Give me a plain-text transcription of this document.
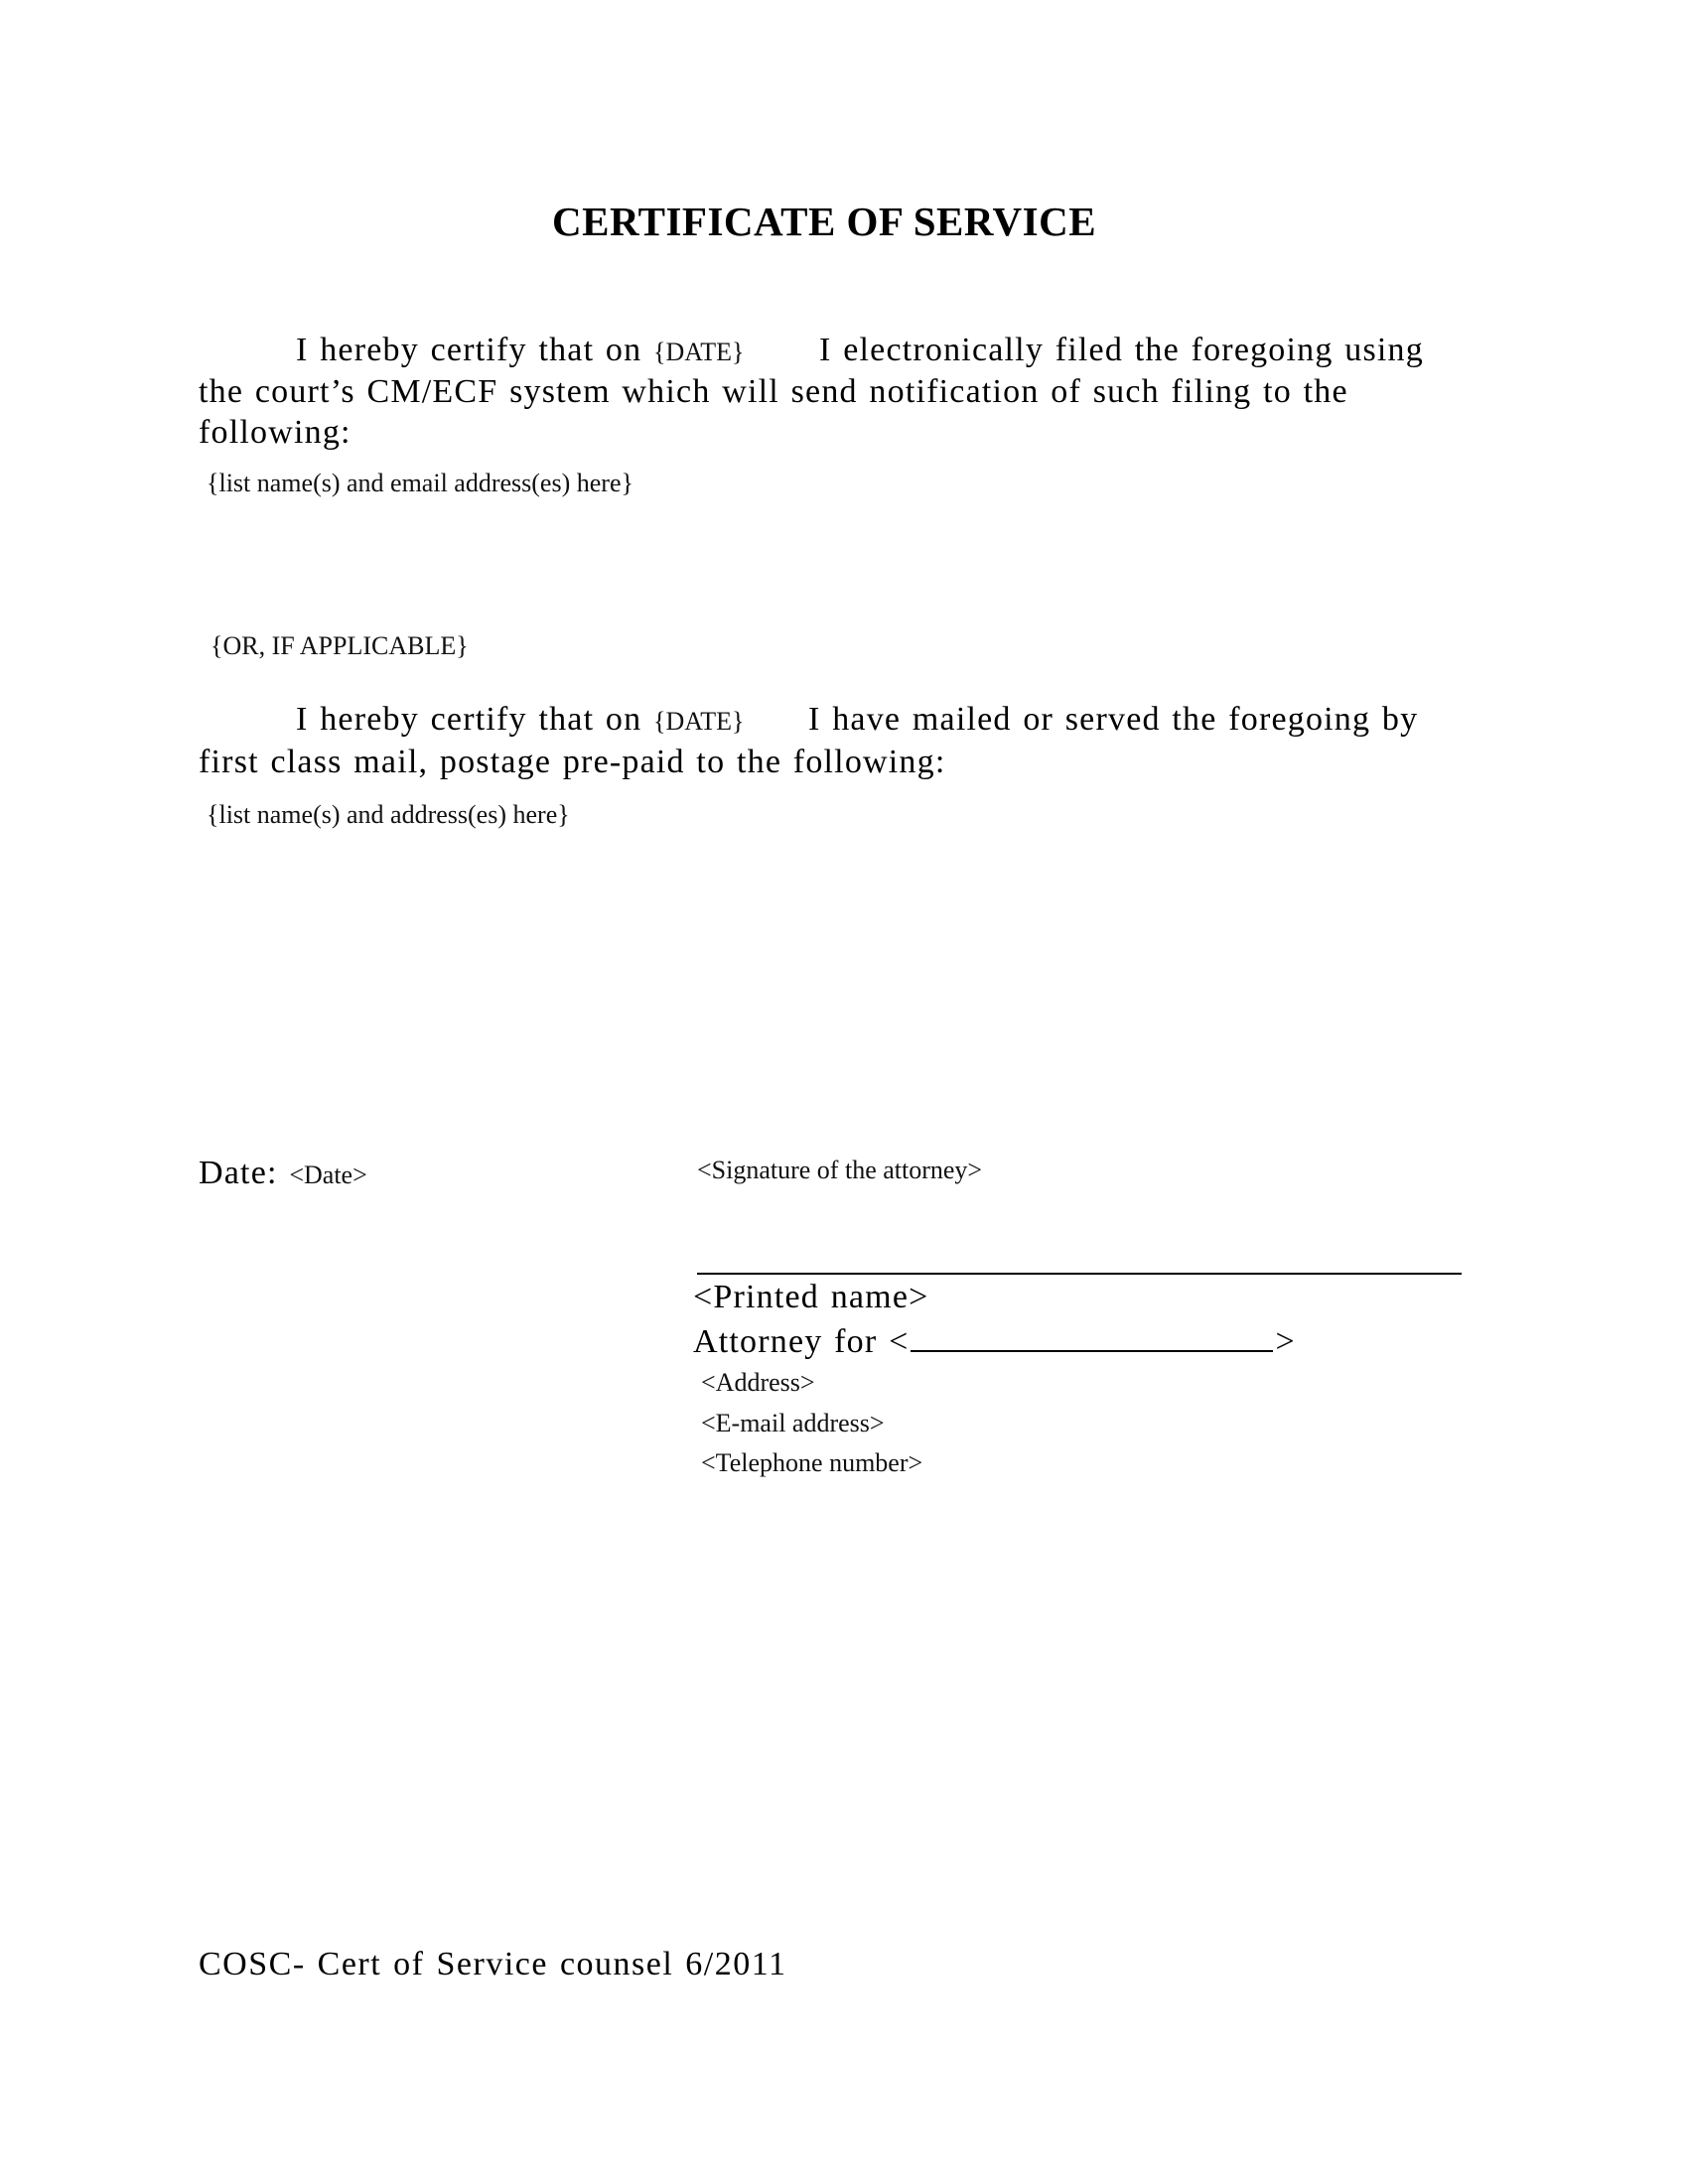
CERTIFICATE OF SERVICE
I hereby certify that on {DATE} I electronically filed the foregoing using
the court’s CM/ECF system which will send notification of such filing to the
following:
{list name(s) and email address(es) here}
{OR, IF APPLICABLE}
I hereby certify that on {DATE} I have mailed or served the foregoing by
first class mail, postage pre-paid to the following:
{list name(s) and address(es) here}
Date: <Date>	<Signature of the attorney>
<Printed name>
Attorney for <	>
<Address>
<E-mail address>
<Telephone number>
COSC- Cert of Service counsel 6/2011
